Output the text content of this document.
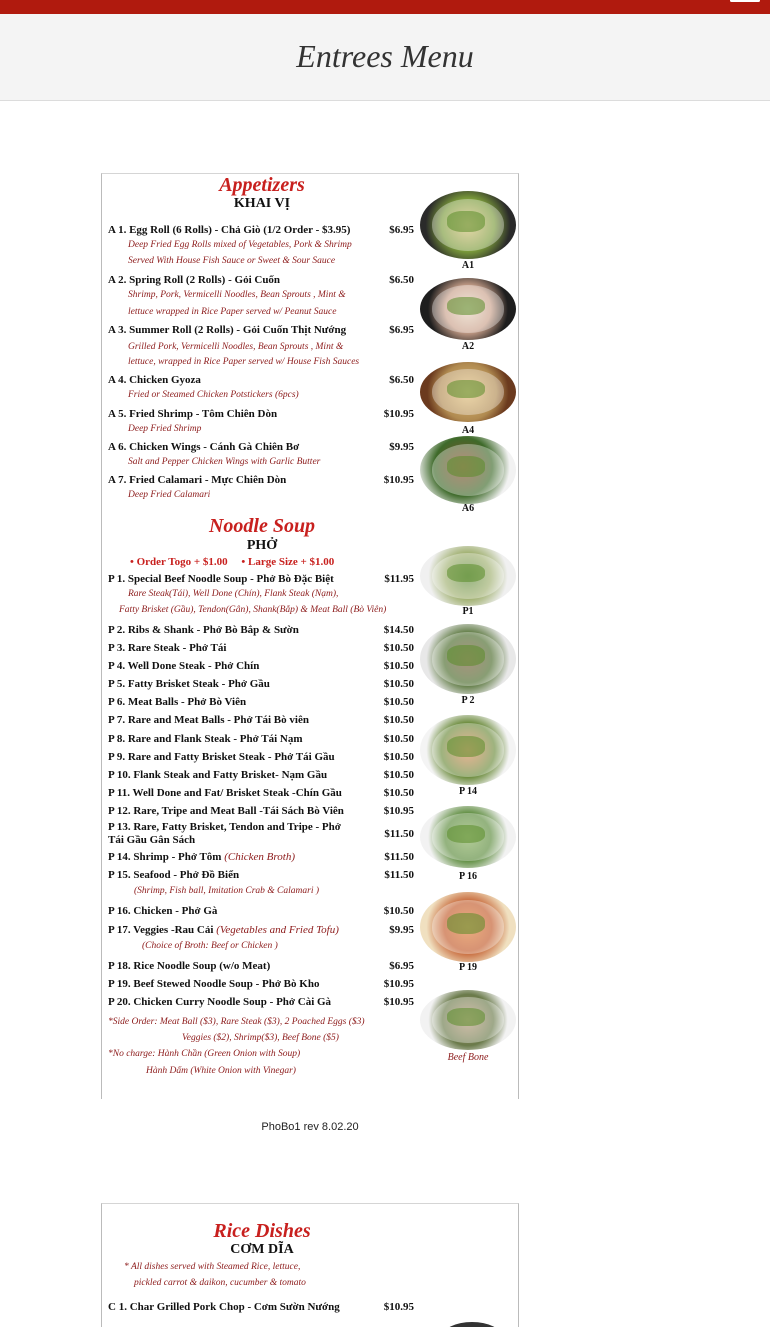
Entrees Menu
Appetizers
KHAI VỊ
A 1. Egg Roll (6 Rolls) - Chả Giò (1/2 Order - $3.95)	$6.95
Deep Fried Egg Rolls mixed of Vegetables, Pork & Shrimp
Served With House Fish Sauce or Sweet & Sour Sauce
A 2. Spring Roll (2 Rolls) - Gỏi Cuốn	$6.50
Shrimp, Pork, Vermicelli Noodles, Bean Sprouts , Mint &
lettuce wrapped in Rice Paper served w/ Peanut Sauce
A 3. Summer Roll (2 Rolls) - Gỏi Cuốn Thịt Nướng	$6.95
Grilled Pork, Vermicelli Noodles, Bean Sprouts , Mint &
lettuce, wrapped in Rice Paper served w/ House Fish Sauces
A 4. Chicken Gyoza	$6.50
Fried or Steamed Chicken Potstickers (6pcs)
A 5. Fried Shrimp - Tôm Chiên Dòn	$10.95
Deep Fried Shrimp
A 6. Chicken Wings - Cánh Gà Chiên Bơ	$9.95
Salt and Pepper Chicken Wings with Garlic Butter
A 7. Fried Calamari - Mực Chiên Dòn	$10.95
Deep Fried Calamari
A1
A2
A4
A6
Noodle Soup
PHỞ
• Order Togo + $1.00 • Large Size + $1.00
P 1. Special Beef Noodle Soup - Phở Bò Đặc Biệt	$11.95
Rare Steak(Tái), Well Done (Chín), Flank Steak (Nạm),
Fatty Brisket (Gầu), Tendon(Gân), Shank(Bắp) & Meat Ball (Bò Viên)
P 2. Ribs & Shank - Phở Bò Bắp & Sườn	$14.50
P 3. Rare Steak - Phở Tái	$10.50
P 4. Well Done Steak - Phở Chín	$10.50
P 5. Fatty Brisket Steak - Phở Gầu	$10.50
P 6. Meat Balls - Phở Bò Viên	$10.50
P 7. Rare and Meat Balls - Phở Tái Bò viên	$10.50
P 8. Rare and Flank Steak - Phở Tái Nạm	$10.50
P 9. Rare and Fatty Brisket Steak - Phở Tái Gầu	$10.50
P 10. Flank Steak and Fatty Brisket- Nạm Gầu	$10.50
P 11. Well Done and Fat/ Brisket Steak -Chín Gầu	$10.50
P 12. Rare, Tripe and Meat Ball -Tái Sách Bò Viên	$10.95
P 13. Rare, Fatty Brisket, Tendon and Tripe - Phở Tái Gầu Gân Sách	$11.50
P 14. Shrimp - Phở Tôm (Chicken Broth)	$11.50
P 15. Seafood - Phở Đồ Biển	$11.50
(Shrimp, Fish ball, Imitation Crab & Calamari )
P 16. Chicken - Phở Gà	$10.50
P 17. Veggies -Rau Cải (Vegetables and Fried Tofu)	$9.95
(Choice of Broth: Beef or Chicken )
P 18. Rice Noodle Soup (w/o Meat)	$6.95
P 19. Beef Stewed Noodle Soup - Phở Bò Kho	$10.95
P 20. Chicken Curry Noodle Soup - Phở Cài Gà	$10.95
*Side Order: Meat Ball ($3), Rare Steak ($3), 2 Poached Eggs ($3)
Veggies ($2), Shrimp($3), Beef Bone ($5)
*No charge: Hành Chần (Green Onion with Soup)
Hành Dấm (White Onion with Vinegar)
P1
P 2
P 14
P 16
P 19
Beef Bone
PhoBo1 rev 8.02.20
Rice Dishes
CƠM DĨA
* All dishes served with Steamed Rice, lettuce,
pickled carrot & daikon, cucumber & tomato
C 1. Char Grilled Pork Chop - Cơm Sườn Nướng	$10.95
